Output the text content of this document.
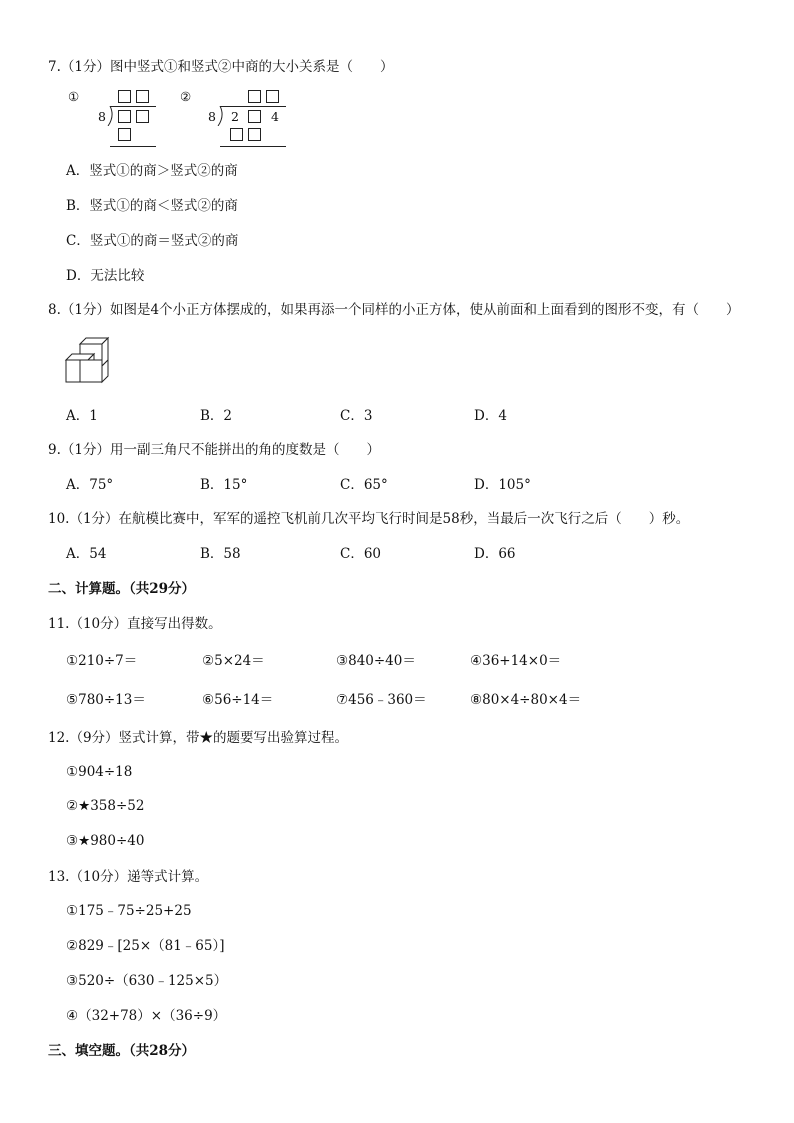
7.（1分）图中竖式①和竖式②中商的大小关系是（　　）
①
8
②
8 2	4
A．竖式①的商＞竖式②的商
B．竖式①的商＜竖式②的商
C．竖式①的商＝竖式②的商
D．无法比较
8.（1分）如图是4个小正方体摆成的，如果再添一个同样的小正方体，使从前面和上面看到的图形不变，有（　　）
A．1	B．2	C．3	D．4
9.（1分）用一副三角尺不能拼出的角的度数是（　　）
A．75°	B．15°	C．65°	D．105°
10.（1分）在航模比赛中，军军的遥控飞机前几次平均飞行时间是58秒，当最后一次飞行之后（　　）秒。
A．54	B．58	C．60	D．66
二、计算题。（共29分）
11.（10分）直接写出得数。
①210÷7＝	②5×24＝	③840÷40＝	④36+14×0＝
⑤780÷13＝	⑥56÷14＝	⑦456﹣360＝	⑧80×4÷80×4＝
12.（9分）竖式计算，带★的题要写出验算过程。
①904÷18
②★358÷52
③★980÷40
13.（10分）递等式计算。
①175﹣75÷25+25
②829﹣[25×（81﹣65）]
③520÷（630﹣125×5）
④（32+78）×（36÷9）
三、填空题。（共28分）
